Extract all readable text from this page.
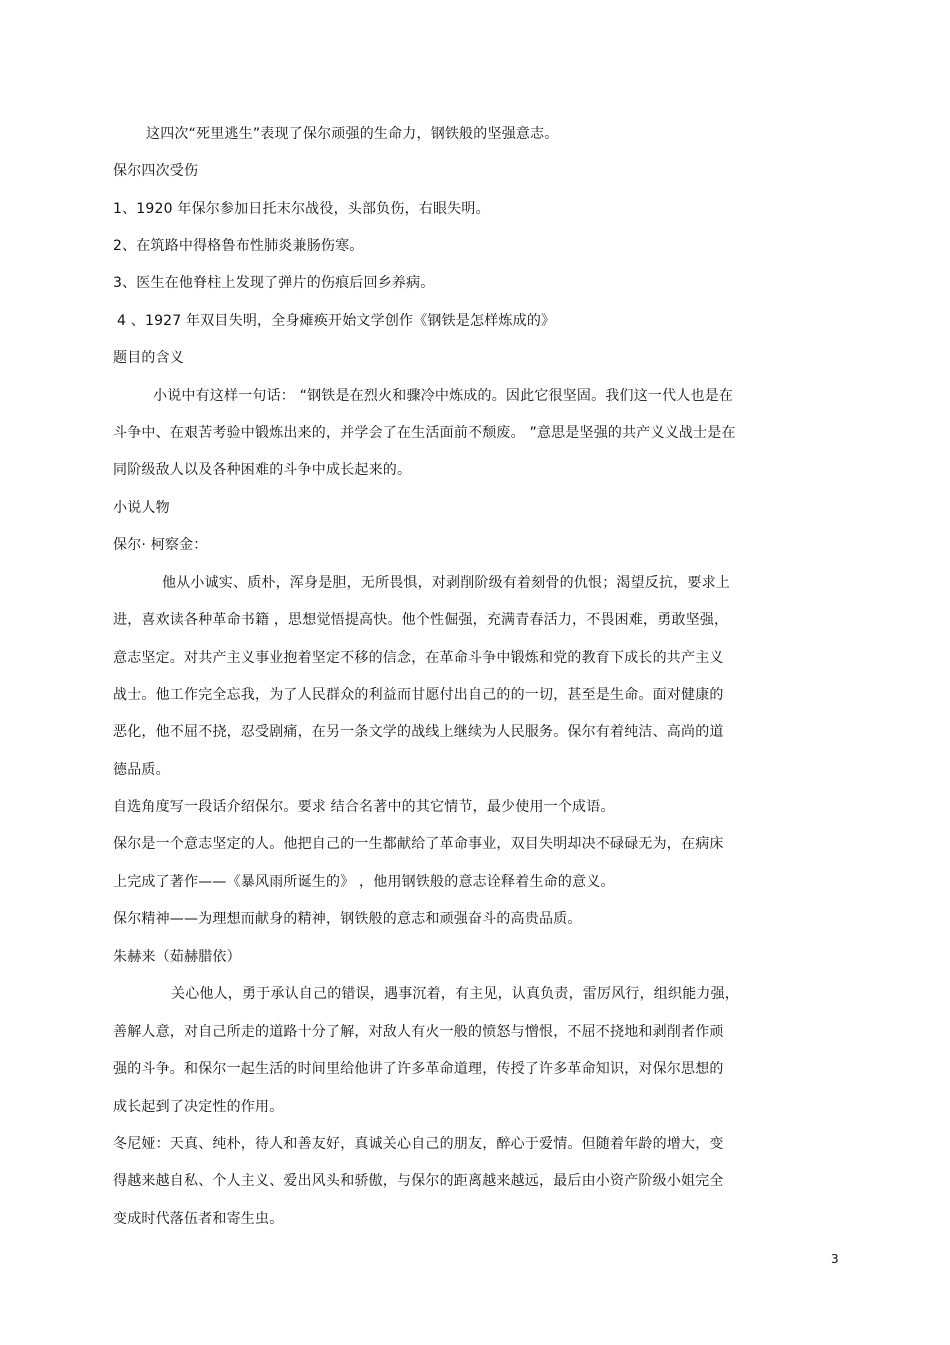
这四次“死里逃生”表现了保尔顽强的生命力，钢铁般的坚强意志。
保尔四次受伤
1、1920 年保尔参加日托末尔战役，头部负伤，右眼失明。
2、在筑路中得格鲁布性肺炎兼肠伤寒。
3、医生在他脊柱上发现了弹片的伤痕后回乡养病。
4 、1927 年双目失明，全身瘫痪开始文学创作《钢铁是怎样炼成的》
题目的含义
小说中有这样一句话： “钢铁是在烈火和骤冷中炼成的。因此它很坚固。我们这一代人也是在
斗争中、在艰苦考验中锻炼出来的，并学会了在生活面前不颓废。 ”意思是坚强的共产义义战士是在
同阶级敌人以及各种困难的斗争中成长起来的。
小说人物
保尔· 柯察金：
他从小诚实、质朴，浑身是胆，无所畏惧，对剥削阶级有着刻骨的仇恨；渴望反抗，要求上
进，喜欢读各种革命书籍 ，思想觉悟提高快。他个性倔强，充满青春活力，不畏困难，勇敢坚强，
意志坚定。对共产主义事业抱着坚定不移的信念，在革命斗争中锻炼和党的教育下成长的共产主义
战士。他工作完全忘我，为了人民群众的利益而甘愿付出自己的的一切，甚至是生命。面对健康的
恶化，他不屈不挠，忍受剧痛，在另一条文学的战线上继续为人民服务。保尔有着纯洁、高尚的道
德品质。
自选角度写一段话介绍保尔。要求 结合名著中的其它情节，最少使用一个成语。
保尔是一个意志坚定的人。他把自己的一生都献给了革命事业，双目失明却决不碌碌无为，在病床
上完成了著作——《暴风雨所诞生的》 ，他用钢铁般的意志诠释着生命的意义。
保尔精神——为理想而献身的精神，钢铁般的意志和顽强奋斗的高贵品质。
朱赫来（茹赫腊依）
关心他人，勇于承认自己的错误，遇事沉着，有主见，认真负责，雷厉风行，组织能力强，
善解人意，对自己所走的道路十分了解，对敌人有火一般的愤怒与憎恨，不屈不挠地和剥削者作顽
强的斗争。和保尔一起生活的时间里给他讲了许多革命道理，传授了许多革命知识，对保尔思想的
成长起到了决定性的作用。
冬尼娅：天真、纯朴，待人和善友好，真诚关心自己的朋友，醉心于爱情。但随着年龄的增大，变
得越来越自私、个人主义、爱出风头和骄傲，与保尔的距离越来越远，最后由小资产阶级小姐完全
变成时代落伍者和寄生虫。
3
